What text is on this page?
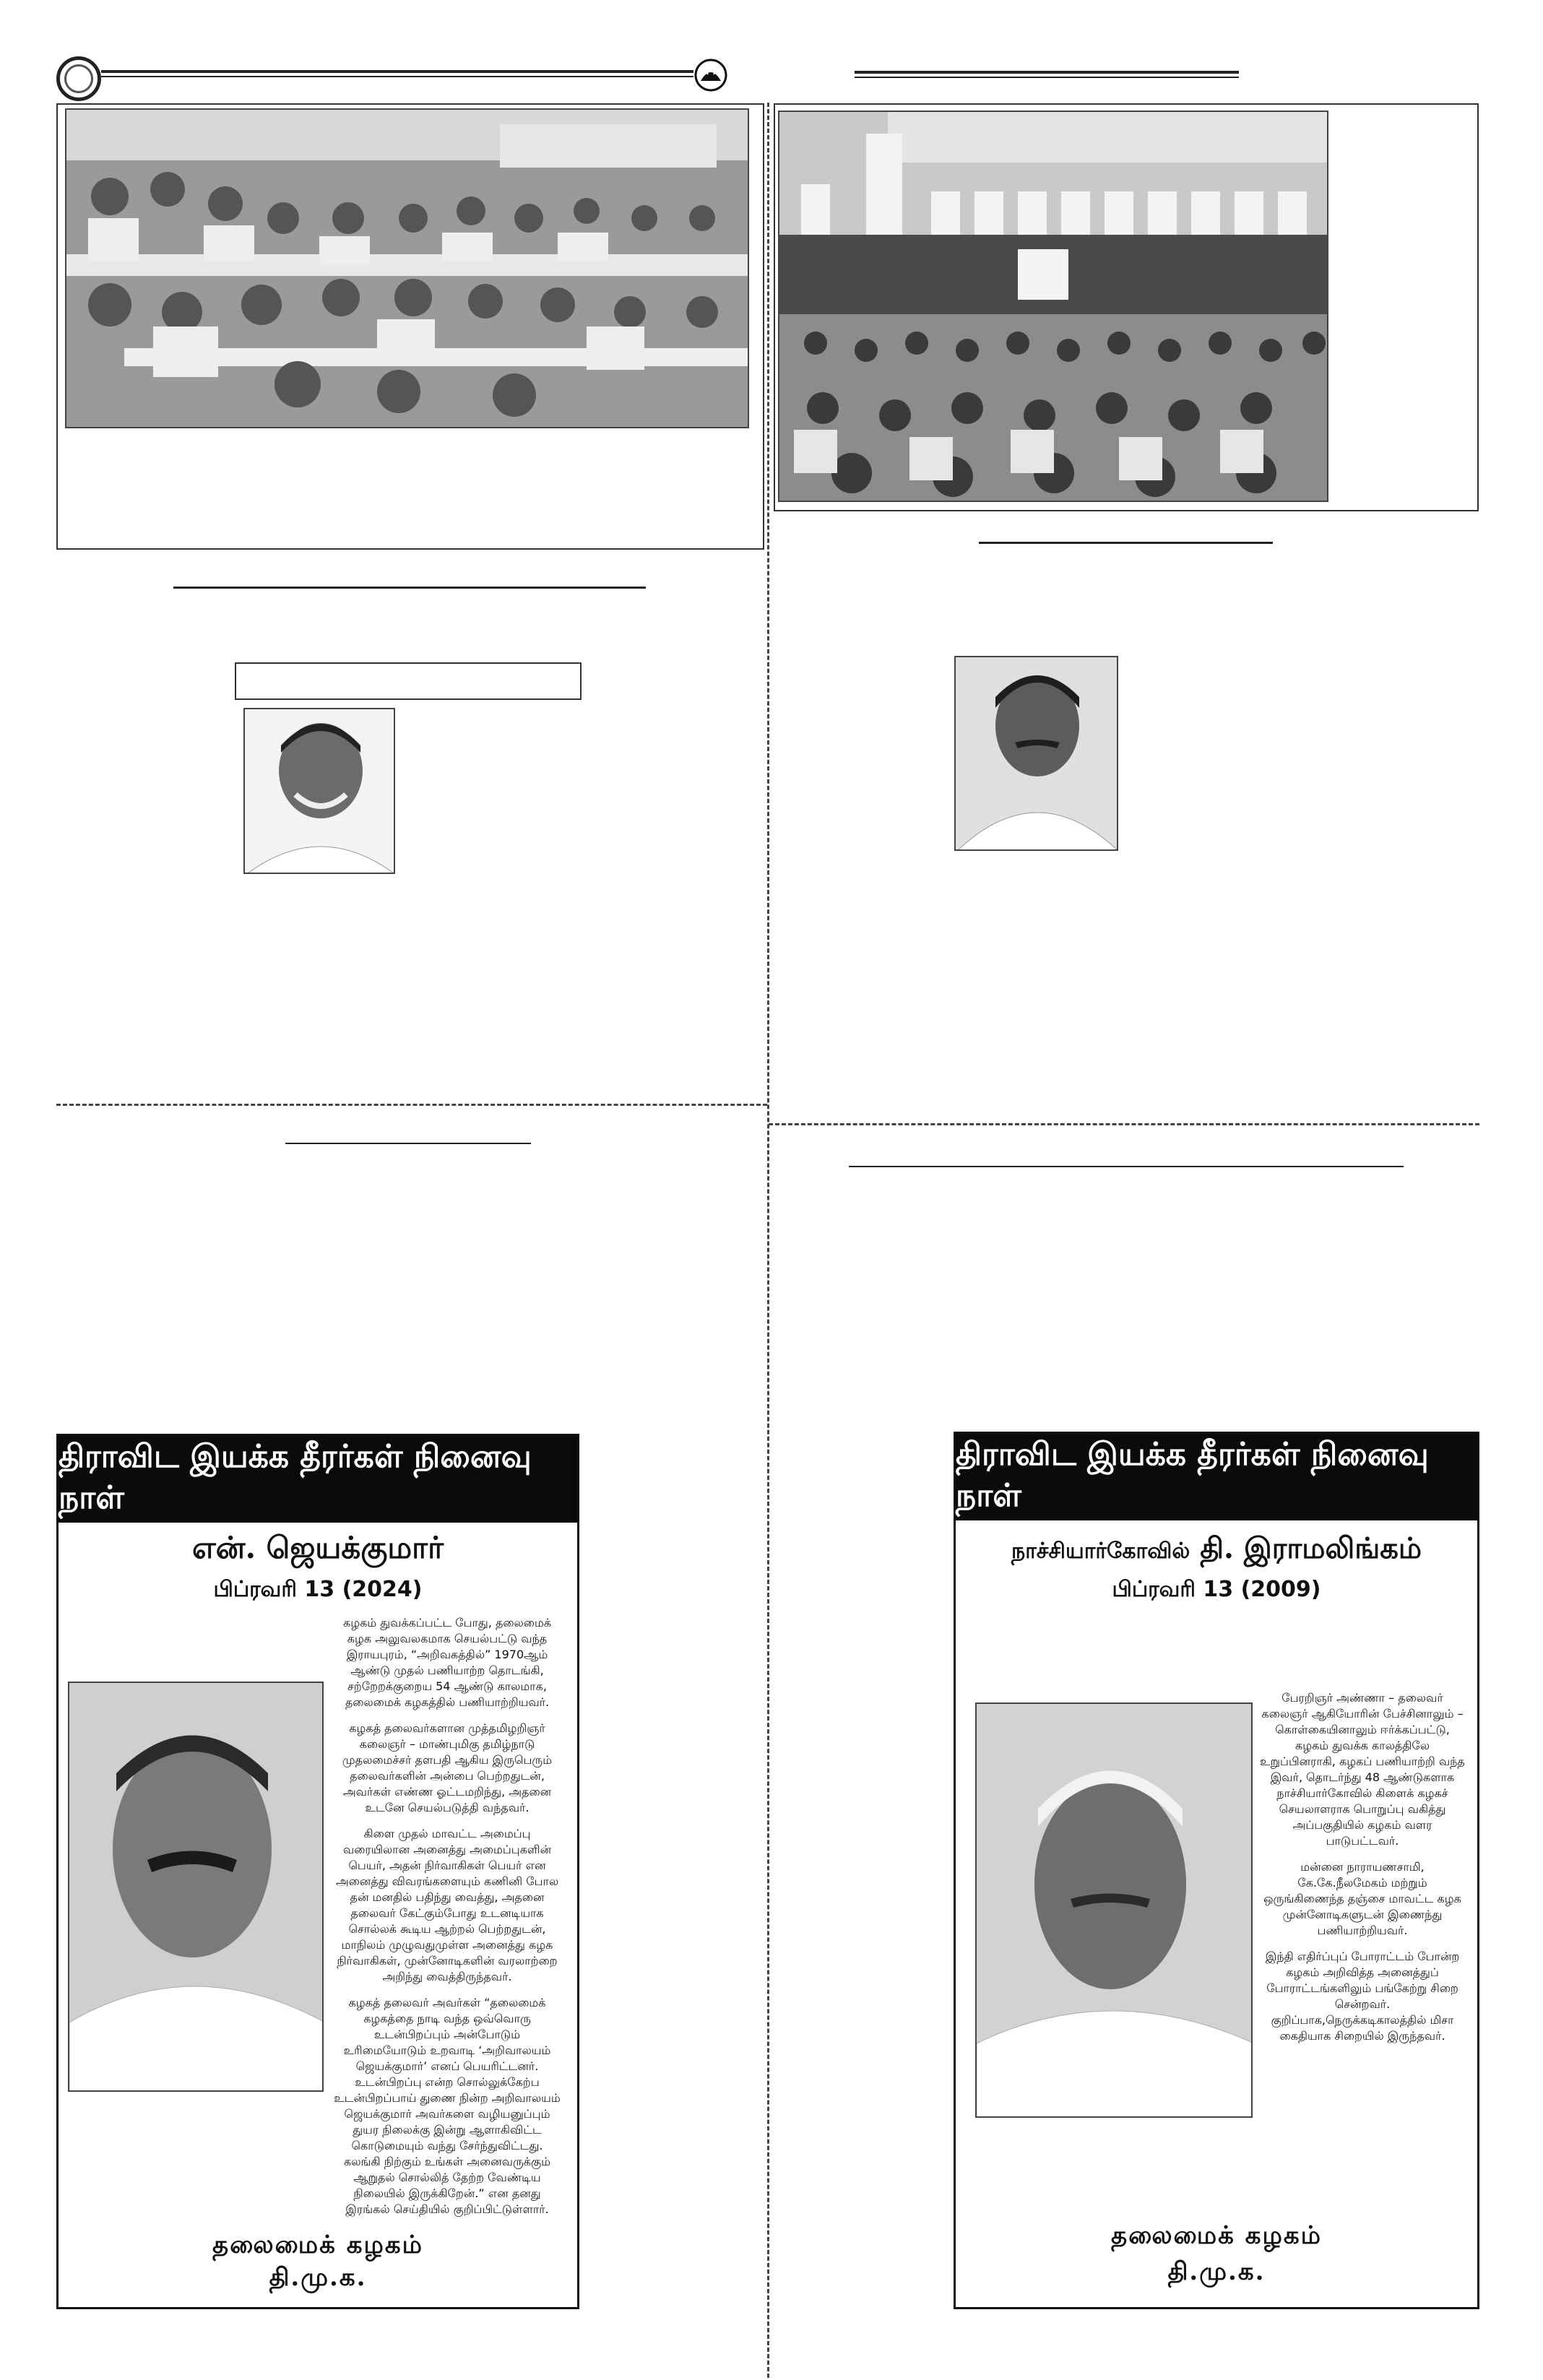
திராவிட இயக்க தீரர்கள் நினைவு நாள்
என். ஜெயக்குமார்
பிப்ரவரி 13 (2024)

கழகம் துவக்கப்பட்ட போது, தலைமைக் கழக அலுவலகமாக செயல்பட்டு வந்த இராயபுரம், “அறிவகத்தில்” 1970ஆம் ஆண்டு முதல் பணியாற்ற தொடங்கி, சற்றேறக்குறைய 54 ஆண்டு காலமாக, தலைமைக் கழகத்தில் பணியாற்றியவர்.

கழகத் தலைவர்களான முத்தமிழறிஞர் கலைஞர் – மாண்புமிகு தமிழ்நாடு முதலமைச்சர் தளபதி ஆகிய இருபெரும் தலைவர்களின் அன்பை பெற்றதுடன், அவர்கள் எண்ண ஓட்டமறிந்து, அதனை உடனே செயல்படுத்தி வந்தவர்.

கிளை முதல் மாவட்ட அமைப்பு வரையிலான அனைத்து அமைப்புகளின் பெயர், அதன் நிர்வாகிகள் பெயர் என அனைத்து விவரங்களையும் கணினி போல தன் மனதில் பதிந்து வைத்து, அதனை தலைவர் கேட்கும்போது உடனடியாக சொல்லக் கூடிய ஆற்றல் பெற்றதுடன், மாநிலம் முழுவதுமுள்ள அனைத்து கழக நிர்வாகிகள், முன்னோடிகளின் வரலாற்றை அறிந்து வைத்திருந்தவர்.

கழகத் தலைவர் அவர்கள் “தலைமைக் கழகத்தை நாடி வந்த ஒவ்வொரு உடன்பிறப்பும் அன்போடும் உரிமையோடும் உறவாடி ‘அறிவாலயம் ஜெயக்குமார்’ எனப் பெயரிட்டனர். உடன்பிறப்பு என்ற சொல்லுக்கேற்ப உடன்பிறப்பாய் துணை நின்ற அறிவாலயம் ஜெயக்குமார் அவர்களை வழியனுப்பும் துயர நிலைக்கு இன்று ஆளாகிவிட்ட கொடுமையும் வந்து சேர்ந்துவிட்டது. கலங்கி நிற்கும் உங்கள் அனைவருக்கும் ஆறுதல் சொல்லித் தேற்ற வேண்டிய நிலையில் இருக்கிறேன்.” என தனது இரங்கல் செய்தியில் குறிப்பிட்டுள்ளார்.

தலைமைக் கழகம்
தி.மு.க.
திராவிட இயக்க தீரர்கள் நினைவு நாள்
நாச்சியார்கோவில் தி. இராமலிங்கம்
பிப்ரவரி 13 (2009)

பேரறிஞர் அண்ணா – தலைவர் கலைஞர் ஆகியோரின் பேச்சினாலும் – கொள்கையினாலும் ஈர்க்கப்பட்டு, கழகம் துவக்க காலத்திலே உறுப்பினராகி, கழகப் பணியாற்றி வந்த இவர், தொடர்ந்து 48 ஆண்டுகளாக நாச்சியார்கோவில் கிளைக் கழகச் செயலாளராக பொறுப்பு வகித்து அப்பகுதியில் கழகம் வளர பாடுபட்டவர்.

மன்னை நாராயணசாமி, கே.கே.நீலமேகம் மற்றும் ஒருங்கிணைந்த தஞ்சை மாவட்ட கழக முன்னோடிகளுடன் இணைந்து பணியாற்றியவர்.

இந்தி எதிர்ப்புப் போராட்டம் போன்ற கழகம் அறிவித்த அனைத்துப் போராட்டங்களிலும் பங்கேற்று சிறை சென்றவர். குறிப்பாக,நெருக்கடிகாலத்தில் மிசா கைதியாக சிறையில் இருந்தவர்.

தலைமைக் கழகம்
தி.மு.க.
